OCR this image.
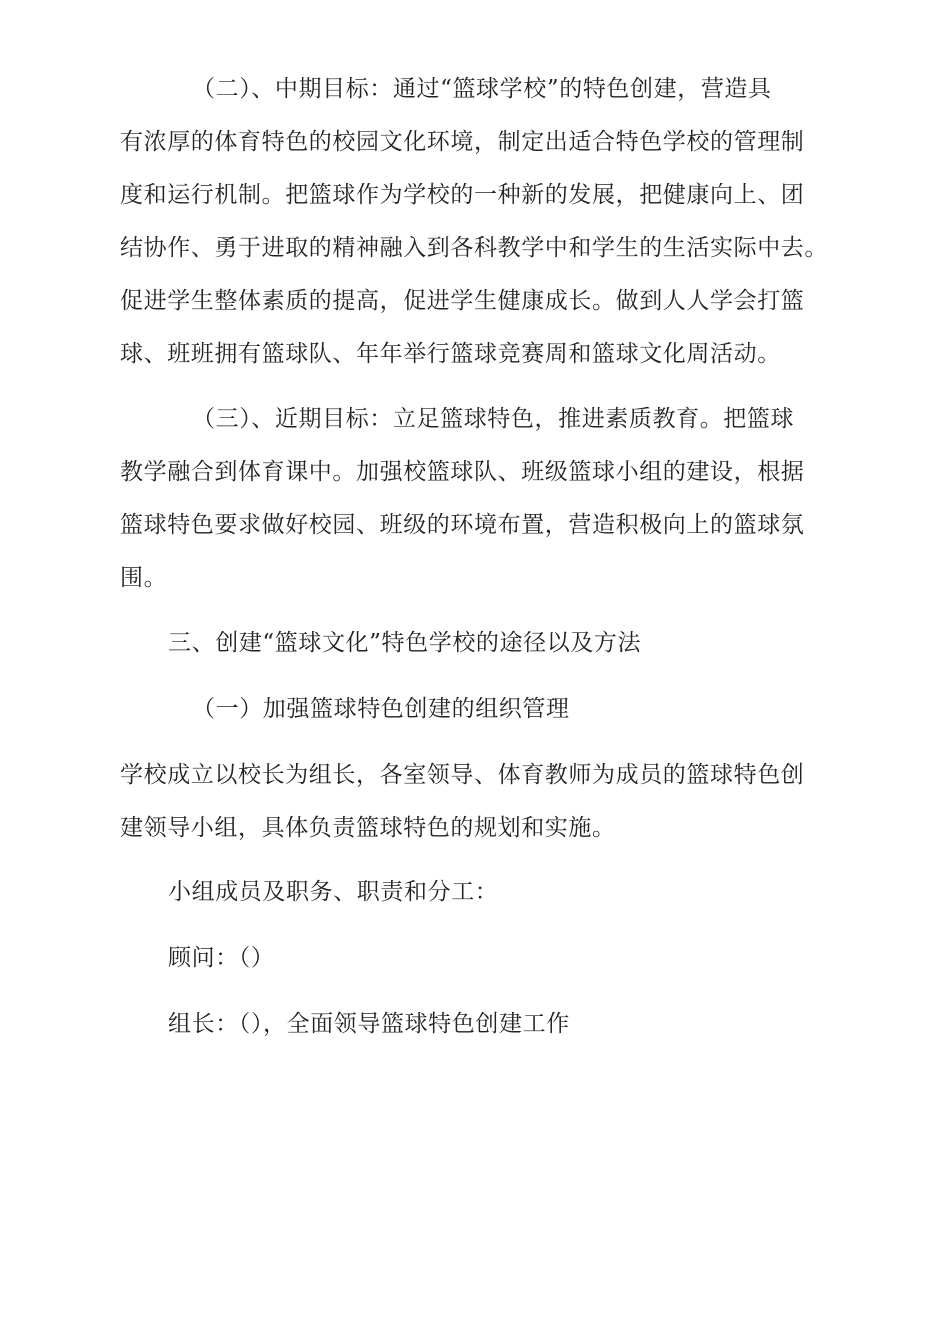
（二）、中期目标：通过“篮球学校”的特色创建，营造具
有浓厚的体育特色的校园文化环境，制定出适合特色学校的管理制
度和运行机制。把篮球作为学校的一种新的发展，把健康向上、团
结协作、勇于进取的精神融入到各科教学中和学生的生活实际中去。
促进学生整体素质的提高，促进学生健康成长。做到人人学会打篮
球、班班拥有篮球队、年年举行篮球竞赛周和篮球文化周活动。
（三）、近期目标：立足篮球特色，推进素质教育。把篮球
教学融合到体育课中。加强校篮球队、班级篮球小组的建设，根据
篮球特色要求做好校园、班级的环境布置，营造积极向上的篮球氛
围。
三、创建“篮球文化”特色学校的途径以及方法
（一）加强篮球特色创建的组织管理
学校成立以校长为组长，各室领导、体育教师为成员的篮球特色创
建领导小组，具体负责篮球特色的规划和实施。
小组成员及职务、职责和分工：
顾问：（）
组长：（），全面领导篮球特色创建工作
